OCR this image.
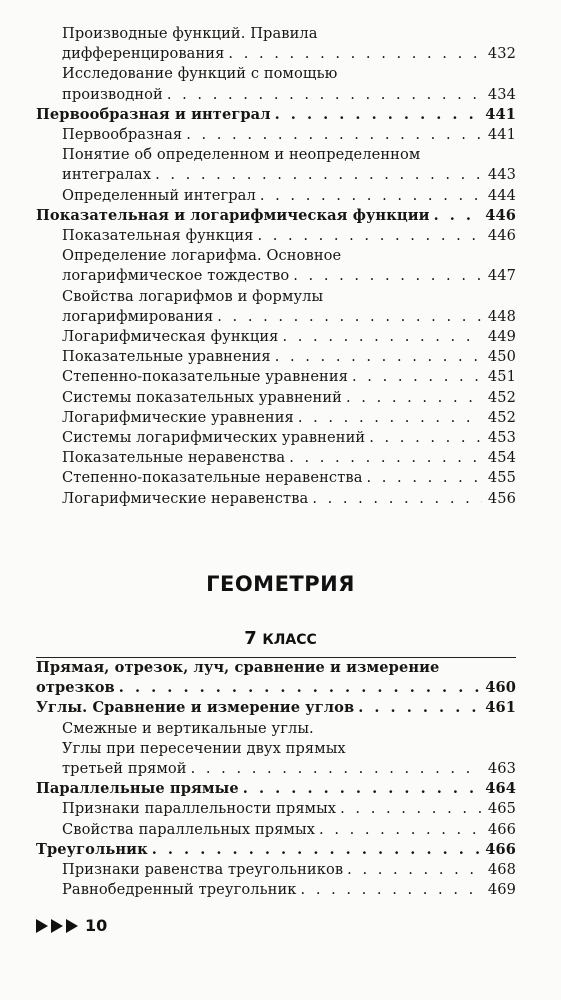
Производные функций. Правила
дифференцирования . . .	432
Исследование функций с помощью
производной . . .	434
Первообразная и интеграл . . .	441
Первообразная . . .	441
Понятие об определенном и неопределенном
интегралах . . .	443
Определенный интеграл . . .	444
Показательная и логарифмическая функции . . .	446
Показательная функция . . .	446
Определение логарифма. Основное
логарифмическое тождество . . .	447
Свойства логарифмов и формулы
логарифмирования . . .	448
Логарифмическая функция . . .	449
Показательные уравнения . . .	450
Степенно-показательные уравнения . . .	451
Системы показательных уравнений . . .	452
Логарифмические уравнения . . .	452
Системы логарифмических уравнений . . .	453
Показательные неравенства . . .	454
Степенно-показательные неравенства . . .	455
Логарифмические неравенства . . .	456
ГЕОМЕТРИЯ
7 КЛАСС
Прямая, отрезок, луч, сравнение и измерение
отрезков . . .	460
Углы. Сравнение и измерение углов . . .	461
Смежные и вертикальные углы.
Углы при пересечении двух прямых
третьей прямой . . .	463
Параллельные прямые . . .	464
Признаки параллельности прямых . . .	465
Свойства параллельных прямых . . .	466
Треугольник . . .	466
Признаки равенства треугольников . . .	468
Равнобедренный треугольник . . .	469
10
